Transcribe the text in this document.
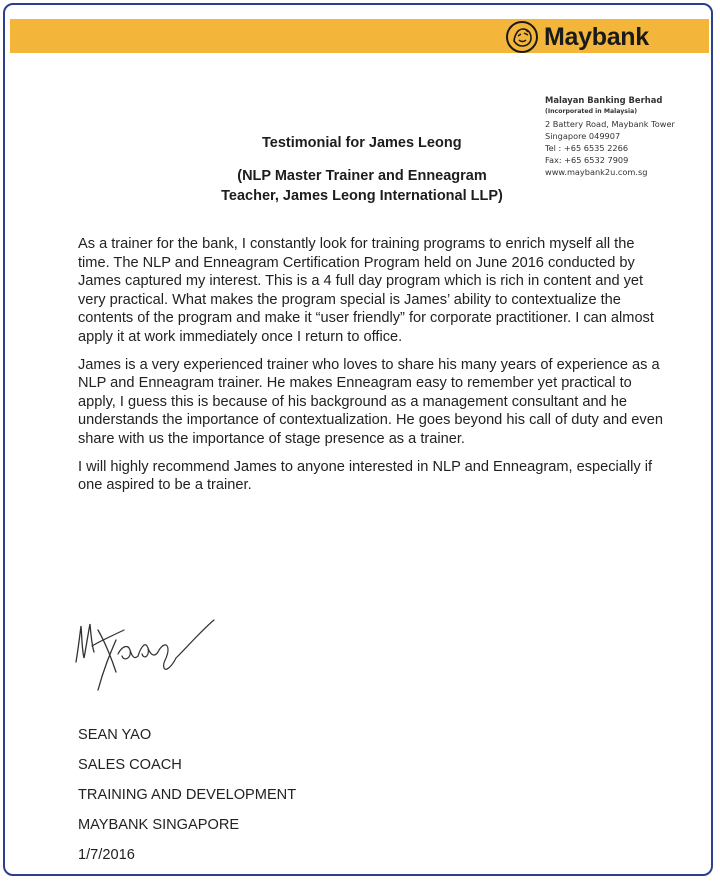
Maybank
Malayan Banking Berhad
(Incorporated in Malaysia)
2 Battery Road, Maybank Tower
Singapore 049907
Tel : +65 6535 2266
Fax: +65 6532 7909
www.maybank2u.com.sg
Testimonial for James Leong
(NLP Master Trainer and Enneagram
Teacher, James Leong International LLP)

As a trainer for the bank, I constantly look for training programs to enrich myself all the time. The NLP and Enneagram Certification Program held on June 2016 conducted by James captured my interest. This is a 4 full day program which is rich in content and yet very practical. What makes the program special is James’ ability to contextualize the contents of the program and make it “user friendly” for corporate practitioner. I can almost apply it at work immediately once I return to office.

James is a very experienced trainer who loves to share his many years of experience as a NLP and Enneagram trainer. He makes Enneagram easy to remember yet practical to apply, I guess this is because of his background as a management consultant and he understands the importance of contextualization. He goes beyond his call of duty and even share with us the importance of stage presence as a trainer.

I will highly recommend James to anyone interested in NLP and Enneagram, especially if one aspired to be a trainer.

SEAN YAO
SALES COACH
TRAINING AND DEVELOPMENT
MAYBANK SINGAPORE
1/7/2016
